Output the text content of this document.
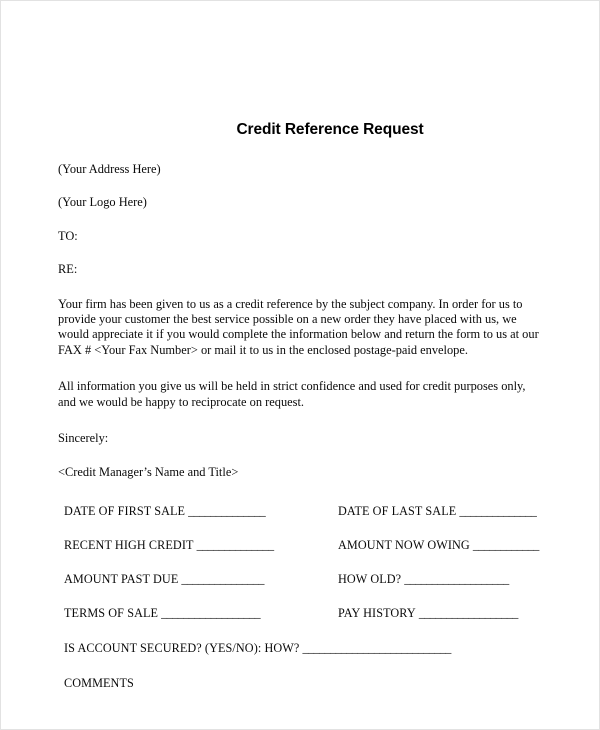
Credit Reference Request

(Your Address Here)

(Your Logo Here)

TO:

RE:

Your firm has been given to us as a credit reference by the subject company. In order for us to provide your customer the best service possible on a new order they have placed with us, we would appreciate it if you would complete the information below and return the form to us at our FAX # <Your Fax Number> or mail it to us in the enclosed postage-paid envelope.

All information you give us will be held in strict confidence and used for credit purposes only, and we would be happy to reciprocate on request.

Sincerely:

<Credit Manager’s Name and Title>

DATE OF FIRST SALE ______________	DATE OF LAST SALE ______________
RECENT HIGH CREDIT ______________	AMOUNT NOW OWING ____________
AMOUNT PAST DUE _______________	HOW OLD? ___________________
TERMS OF SALE __________________	PAY HISTORY __________________
IS ACCOUNT SECURED? (YES/NO): HOW? ___________________________
COMMENTS
